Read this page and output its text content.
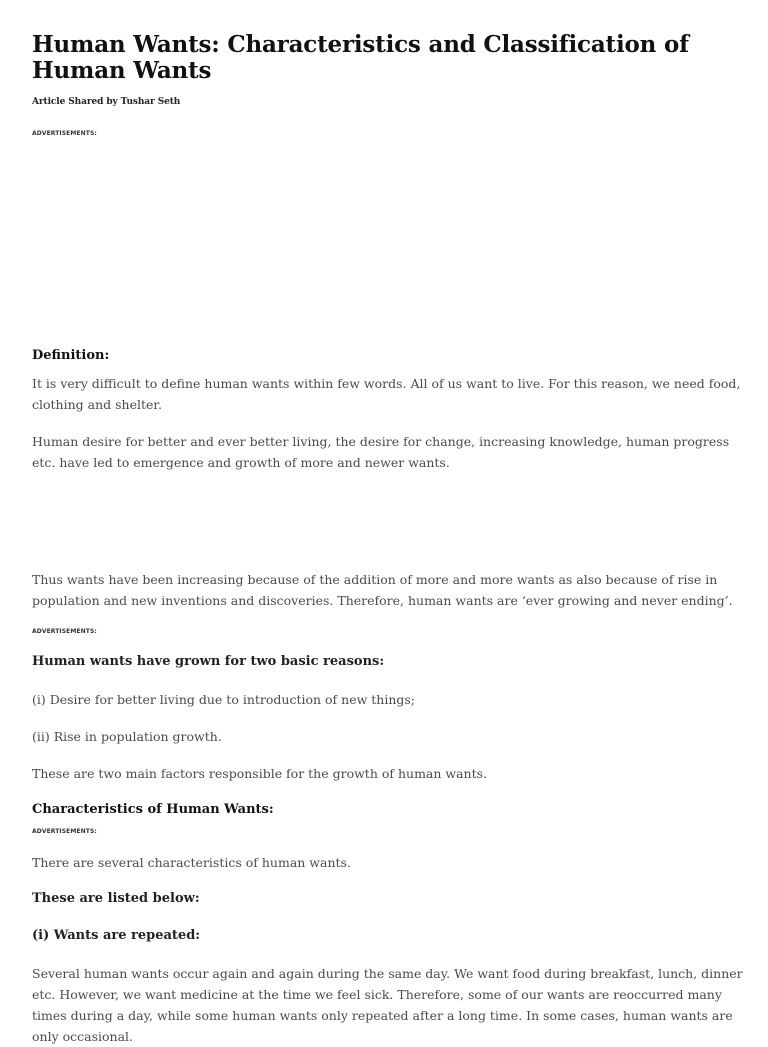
Human Wants: Characteristics and Classification of Human Wants
Article Shared by Tushar Seth
ADVERTISEMENTS:
Definition:

It is very difficult to define human wants within few words. All of us want to live. For this reason, we need food, clothing and shelter.

Human desire for better and ever better living, the desire for change, increasing knowledge, human progress etc. have led to emergence and growth of more and newer wants.

Thus wants have been increasing because of the addition of more and more wants as also because of rise in population and new inventions and discoveries. Therefore, human wants are ‘ever growing and never ending’.

ADVERTISEMENTS:
Human wants have grown for two basic reasons:

(i) Desire for better living due to introduction of new things;

(ii) Rise in population growth.

These are two main factors responsible for the growth of human wants.

Characteristics of Human Wants:
ADVERTISEMENTS:

There are several characteristics of human wants.

These are listed below:
(i) Wants are repeated:

Several human wants occur again and again during the same day. We want food during breakfast, lunch, dinner etc. However, we want medicine at the time we feel sick. Therefore, some of our wants are reoccurred many times during a day, while some human wants only repeated after a long time. In some cases, human wants are only occasional.
